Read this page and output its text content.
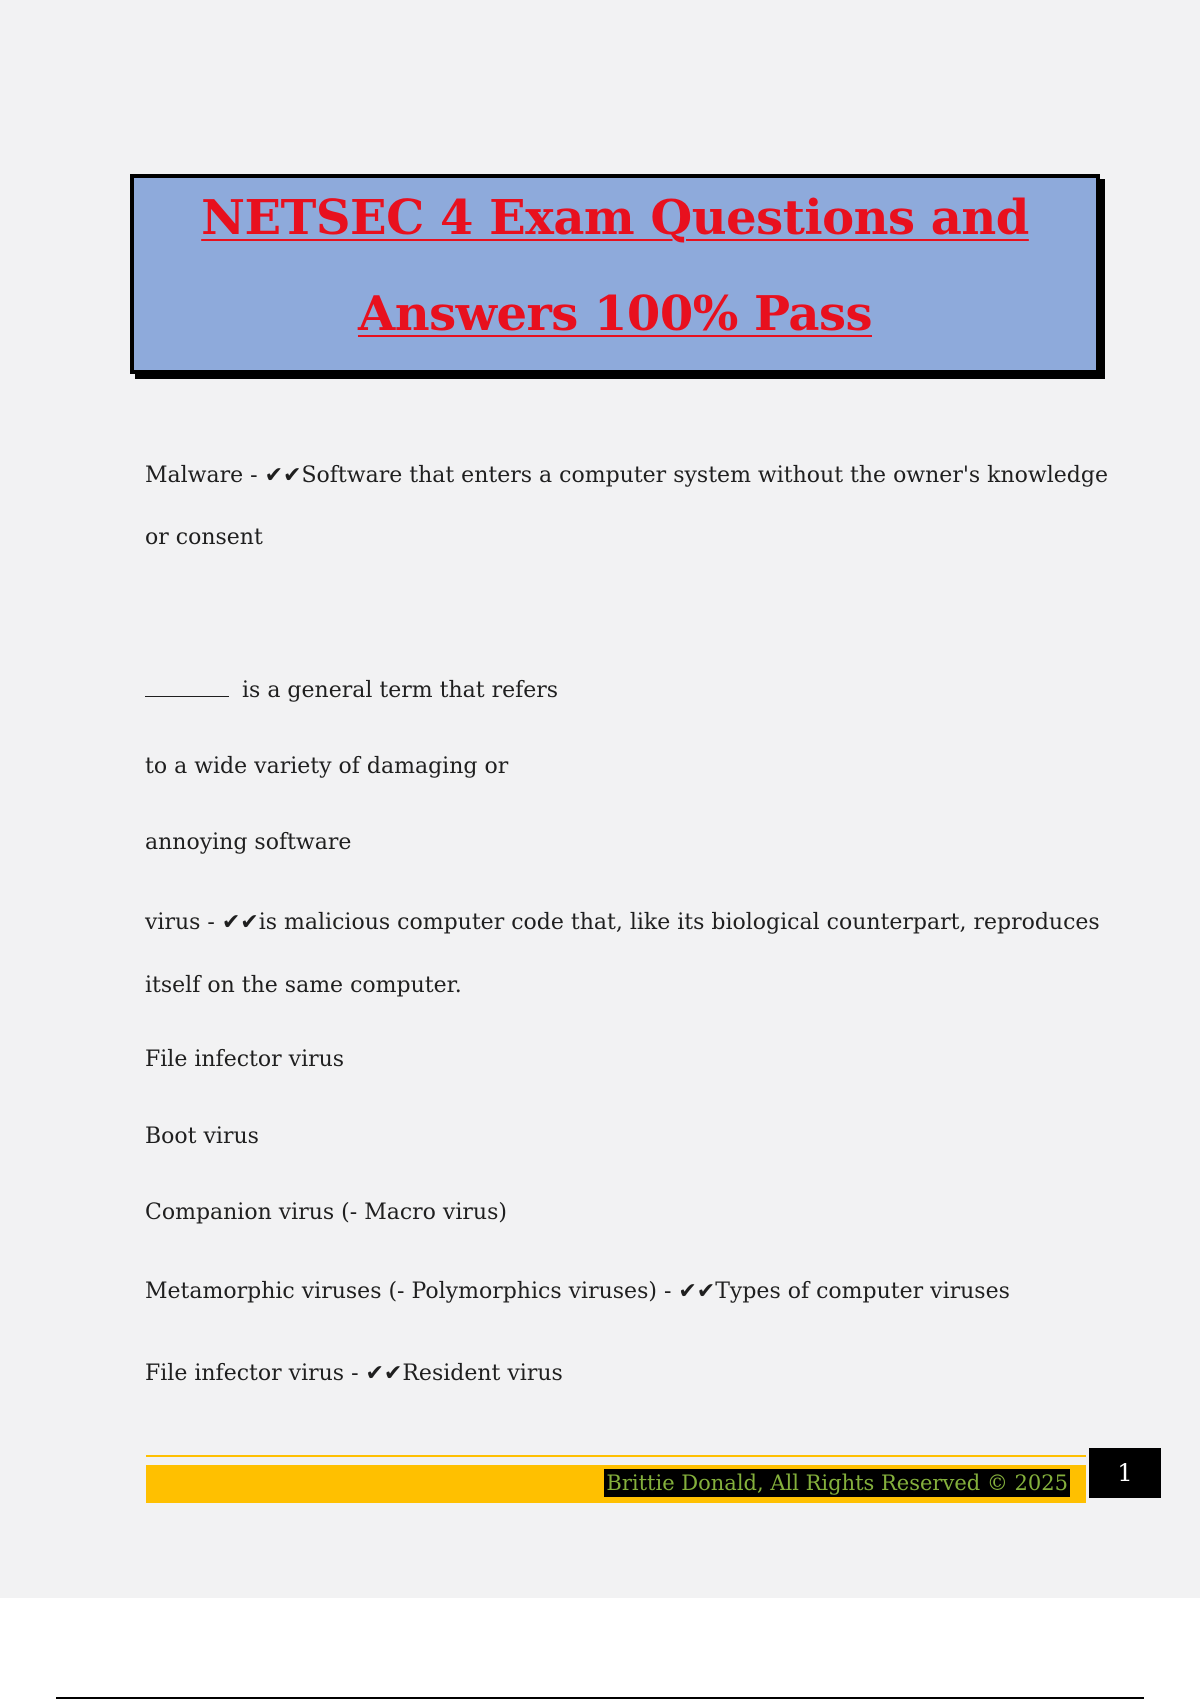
NETSEC 4 Exam Questions and
Answers 100% Pass
Malware - ✔✔Software that enters a computer system without the owner's knowledge
or consent
is a general term that refers
to a wide variety of damaging or
annoying software
virus - ✔✔is malicious computer code that, like its biological counterpart, reproduces
itself on the same computer.
File infector virus
Boot virus
Companion virus (- Macro virus)
Metamorphic viruses (- Polymorphics viruses) - ✔✔Types of computer viruses
File infector virus - ✔✔Resident virus
Brittie Donald, All Rights Reserved © 2025	1
